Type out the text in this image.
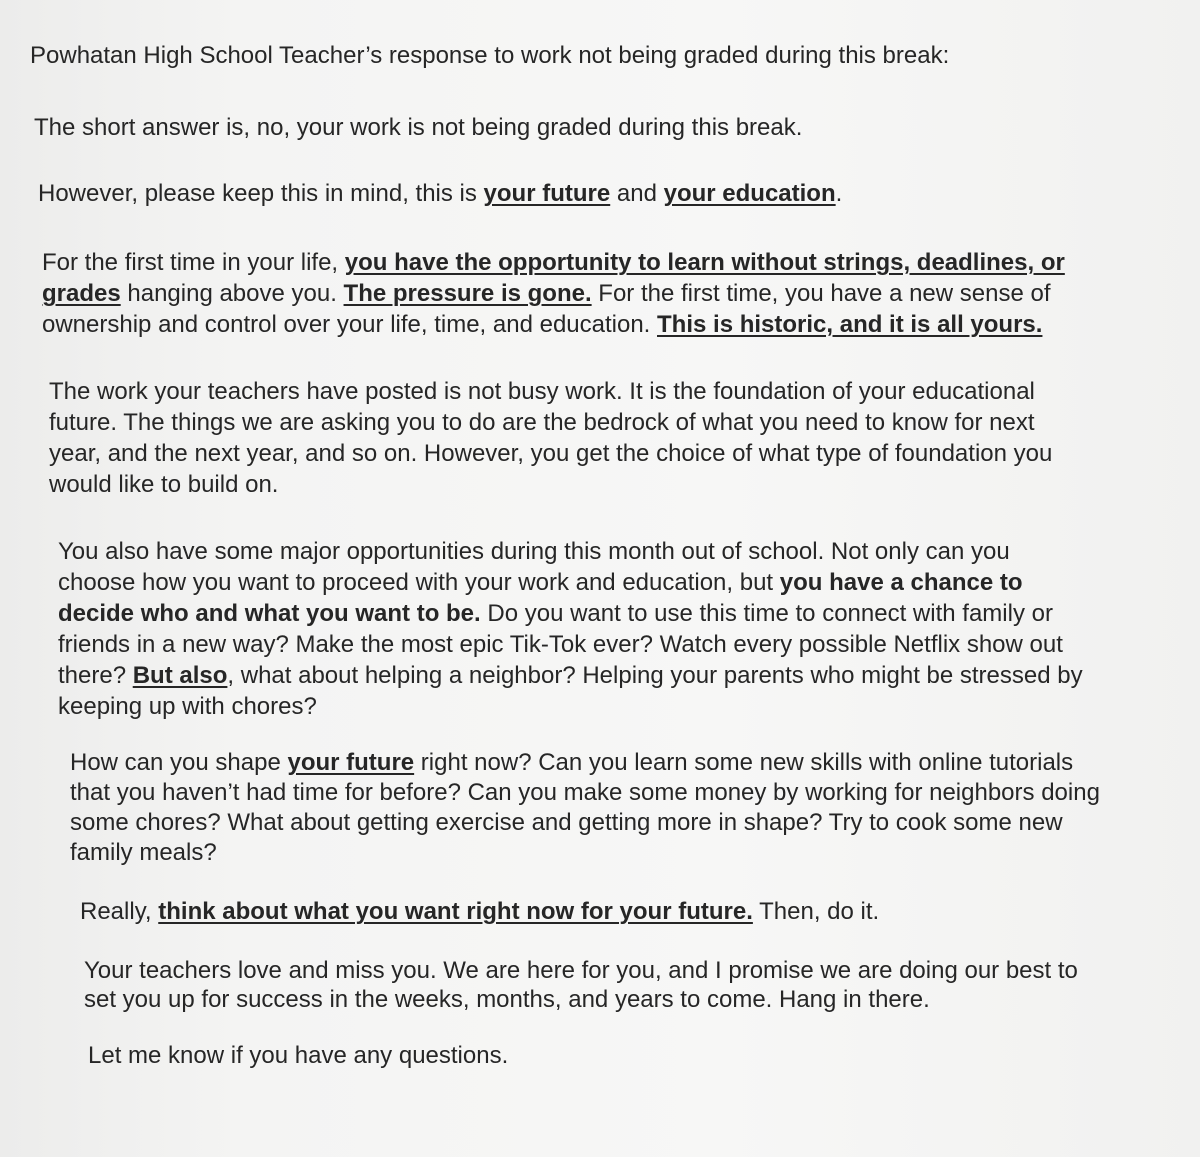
Powhatan High School Teacher’s response to work not being graded during this break:
The short answer is, no, your work is not being graded during this break.
However, please keep this in mind, this is your future and your education.
For the first time in your life, you have the opportunity to learn without strings, deadlines, or
grades hanging above you. The pressure is gone. For the first time, you have a new sense of
ownership and control over your life, time, and education. This is historic, and it is all yours.
The work your teachers have posted is not busy work. It is the foundation of your educational
future. The things we are asking you to do are the bedrock of what you need to know for next
year, and the next year, and so on. However, you get the choice of what type of foundation you
would like to build on.
You also have some major opportunities during this month out of school. Not only can you
choose how you want to proceed with your work and education, but you have a chance to
decide who and what you want to be. Do you want to use this time to connect with family or
friends in a new way? Make the most epic Tik-Tok ever? Watch every possible Netflix show out
there? But also, what about helping a neighbor? Helping your parents who might be stressed by
keeping up with chores?
How can you shape your future right now? Can you learn some new skills with online tutorials
that you haven’t had time for before? Can you make some money by working for neighbors doing
some chores? What about getting exercise and getting more in shape? Try to cook some new
family meals?
Really, think about what you want right now for your future. Then, do it.
Your teachers love and miss you. We are here for you, and I promise we are doing our best to
set you up for success in the weeks, months, and years to come. Hang in there.
Let me know if you have any questions.
